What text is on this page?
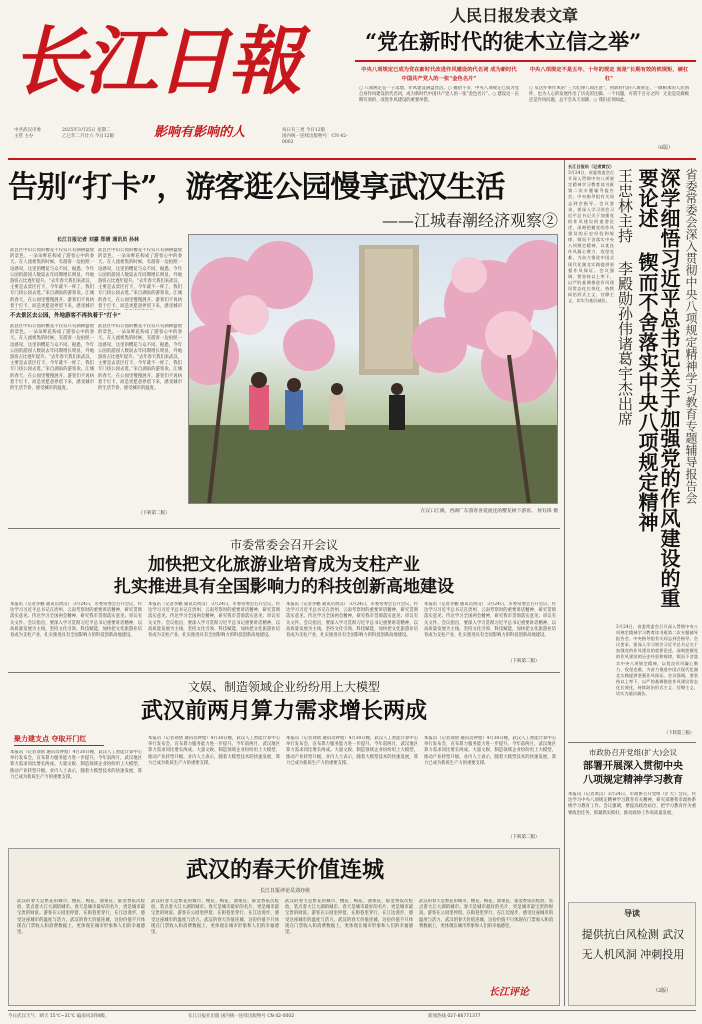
长江日報
中共武汉市委
主管 主办
2025年3月25日 星期二
乙巳年二月廿六 今日12版	影响有影响的人	每日有三更 今日12版
国内统一连续出版物号：CN 42-0002
人民日报发表文章
“党在新时代的徒木立信之举”
中央八项规定已成为党在新时代改进作风建设的代名词 成为新时代中国共产党人的一张“金色名片”
中央八项规定不是五年、十年的规定 而是“长期有效的铁规矩、硬杠杠”
○ 八项规定是一子落地、作风建设满盘皆活。○ 抽肋不多、中央八项规定已成为党自身作风建设的代名词，成为新时代中国共产党人的一张“金色名片”。○ 建设这一长期有效的、改进作风建设的重要举措。
○ 从这件事作风的“三大纪律八项注意”，到新时代的八项规定，一脉相承的人民情怀，也为人心的发展作出了历史的注脚。一个问题，可谓千百分之四：无论是反腐败还是作风问题，总不会从天而降。○ 我们必须如此。
（6版）
告别“打卡”，游客逛公园慢享武汉生活
——江城春潮经济观察②
长江日报记者 刘嘉 郑倩 通讯员 孙林
不去景区去公园，外地游客不再执着于“打卡”
武昌区中山公园的樱花不仅仅只有满树盛放的景色，一朵朵鲜花构成了游客心中的春天。在人流密集的时候，有游客一边拍照一边感叹，这里的樱花与众不同。据悉，今年公园的游园人数较去年同期增长明显，外地游客占比逐年提升。“去年春天我们来武汉，主要是去景区打卡，今年就不一样了，我们专门找公园去逛。”来自湖南的游客说。江城的春天，在公园里慢慢展开。游客们不再执着于打卡，而是更愿意停留下来，感受城市
武昌区中山公园的樱花不仅仅只有满树盛放的景色，一朵朵鲜花构成了游客心中的春天。在人流密集的时候，有游客一边拍照一边感叹，这里的樱花与众不同。据悉，今年公园的游园人数较去年同期增长明显，外地游客占比逐年提升。“去年春天我们来武汉，主要是去景区打卡，今年就不一样了，我们专门找公园去逛。”来自湖南的游客说。江城的春天，在公园里慢慢展开。游客们不再执着于打卡，而是更愿意停留下来，感受城市
武昌区中山公园的樱花不仅仅只有满树盛放的景色，一朵朵鲜花构成了游客心中的春天。在人流密集的时候，有游客一边拍照一边感叹，这里的樱花与众不同。据悉，今年公园的游园人数较去年同期增长明显，外地游客占比逐年提升。“去年春天我们来武汉，主要是去景区打卡，今年就不一样了，我们专门找公园去逛。”来自湖南的游客说。江城的春天，在公园里慢慢展开。游客们不再执着于打卡，而是更愿意停留下来，感受城市的生活节奏，感受城市的温度。
武昌区中山公园的樱花不仅仅只有满树盛放的景色，一朵朵鲜花构成了游客心中的春天。在人流密集的时候，有游客一边拍照一边感叹，这里的樱花与众不同。据悉，今年公园的游园人数较去年同期增长明显，外地游客占比逐年提升。“去年春天我们来武汉，主要是去景区打卡，今年就不一样了，我们专门找公园去逛。”来自湖南的游客说。江城的春天，在公园里慢慢展开。游客们不再执着于打卡，而是更愿意停留下来，感受城市的生活节奏，感受城市的温度。
（下转第二版）	在汉口江滩，西湖广东游客喜爱流连的樱花树下游客。 侯钰锋 摄
市委常委会召开会议
加快把文化旅游业培育成为支柱产业
扎实推进具有全国影响力的科技创新高地建设
本报讯（记者李鹏 通讯员黄汉） 3月24日，市委常委会召开会议，传达学习习近平总书记在贵州、云南考察时的重要讲话精神，研究贯彻落实意见；传达学习全国两会精神，研究我市贯彻落实意见；审议有关文件。会议指出，要深入学习贯彻习近平总书记重要讲话精神，以高质量发展为主线，坚持文化引领、科技赋能，加快把文化旅游业培育成为支柱产业，扎实推进具有全国影响力的科技创新高地建设。
本报讯（记者李鹏 通讯员黄汉） 3月24日，市委常委会召开会议，传达学习习近平总书记在贵州、云南考察时的重要讲话精神，研究贯彻落实意见；传达学习全国两会精神，研究我市贯彻落实意见；审议有关文件。会议指出，要深入学习贯彻习近平总书记重要讲话精神，以高质量发展为主线，坚持文化引领、科技赋能，加快把文化旅游业培育成为支柱产业，扎实推进具有全国影响力的科技创新高地建设。
本报讯（记者李鹏 通讯员黄汉） 3月24日，市委常委会召开会议，传达学习习近平总书记在贵州、云南考察时的重要讲话精神，研究贯彻落实意见；传达学习全国两会精神，研究我市贯彻落实意见；审议有关文件。会议指出，要深入学习贯彻习近平总书记重要讲话精神，以高质量发展为主线，坚持文化引领、科技赋能，加快把文化旅游业培育成为支柱产业，扎实推进具有全国影响力的科技创新高地建设。
本报讯（记者李鹏 通讯员黄汉） 3月24日，市委常委会召开会议，传达学习习近平总书记在贵州、云南考察时的重要讲话精神，研究贯彻落实意见；传达学习全国两会精神，研究我市贯彻落实意见；审议有关文件。会议指出，要深入学习贯彻习近平总书记重要讲话精神，以高质量发展为主线，坚持文化引领、科技赋能，加快把文化旅游业培育成为支柱产业，扎实推进具有全国影响力的科技创新高地建设。
（下转第二版）
文娱、制造领域企业纷纷用上大模型
武汉前两月算力需求增长两成
聚力建支点 夺取开门红
本报讯（记者刘倩 通讯员钟旭）4月30日晚，武汉人工智能计算中心举行发布会，宣布算力服务能力进一步提升。今年前两月，武汉地区算力需求同比增长两成。大量文娱、制造领域企业纷纷用上大模型，推动产业转型升级。业内人士表示，随着大模型技术的快速发展，算力已成为新质生产力的重要支撑。
本报讯（记者刘倩 通讯员钟旭）4月30日晚，武汉人工智能计算中心举行发布会，宣布算力服务能力进一步提升。今年前两月，武汉地区算力需求同比增长两成。大量文娱、制造领域企业纷纷用上大模型，推动产业转型升级。业内人士表示，随着大模型技术的快速发展，算力已成为新质生产力的重要支撑。
本报讯（记者刘倩 通讯员钟旭）4月30日晚，武汉人工智能计算中心举行发布会，宣布算力服务能力进一步提升。今年前两月，武汉地区算力需求同比增长两成。大量文娱、制造领域企业纷纷用上大模型，推动产业转型升级。业内人士表示，随着大模型技术的快速发展，算力已成为新质生产力的重要支撑。
本报讯（记者刘倩 通讯员钟旭）4月30日晚，武汉人工智能计算中心举行发布会，宣布算力服务能力进一步提升。今年前两月，武汉地区算力需求同比增长两成。大量文娱、制造领域企业纷纷用上大模型，推动产业转型升级。业内人士表示，随着大模型技术的快速发展，算力已成为新质生产力的重要支撑。
（下转第二版）
武汉的春天价值连城
长江日报评论员刘亦侠
武汉的春天是繁花的城市，樱花、梅花、油菜花、郁金香依次绽放，装点着大江大湖的城市。春天是城市最好的名片，更是城市最宝贵的财富。游客在公园里停留，在街巷里穿行，在江边漫步，感受这座城市的温度与活力。武汉的春天价值连城，这份价值不只体现在门票收入和消费数据上，更体现在城市形象和人们的幸福感里。
武汉的春天是繁花的城市，樱花、梅花、油菜花、郁金香依次绽放，装点着大江大湖的城市。春天是城市最好的名片，更是城市最宝贵的财富。游客在公园里停留，在街巷里穿行，在江边漫步，感受这座城市的温度与活力。武汉的春天价值连城，这份价值不只体现在门票收入和消费数据上，更体现在城市形象和人们的幸福感里。
武汉的春天是繁花的城市，樱花、梅花、油菜花、郁金香依次绽放，装点着大江大湖的城市。春天是城市最好的名片，更是城市最宝贵的财富。游客在公园里停留，在街巷里穿行，在江边漫步，感受这座城市的温度与活力。武汉的春天价值连城，这份价值不只体现在门票收入和消费数据上，更体现在城市形象和人们的幸福感里。
武汉的春天是繁花的城市，樱花、梅花、油菜花、郁金香依次绽放，装点着大江大湖的城市。春天是城市最好的名片，更是城市最宝贵的财富。游客在公园里停留，在街巷里穿行，在江边漫步，感受这座城市的温度与活力。武汉的春天价值连城，这份价值不只体现在门票收入和消费数据上，更体现在城市形象和人们的幸福感里。
长江评论
长江日报讯（记者黄汉）3月24日，省委常委会召开深入贯彻中央八项规定精神学习教育读书班第二次专题辅导报告会。中央指导组有关同志到会指导。会议要求，要深入学习领会习近平总书记关于加强党的作风建设的重要论述，深刻把握党的作风建设的历史经验和规律，锲而不舍落实中央八项规定精神，以优良作风凝心聚力、攻坚克难，为奋力推进中国式现代化湖北实践提供坚强作风保证。会议强调，要坚持以上率下、以严的基调推进作风建设常态化长效化，持续纠治形式主义、官僚主义，切实为基层减负。 王忠林主持 李殿勋孙伟诸葛宇杰出席	深学细悟习近平总书记关于加强党的作风建设的重要论述 锲而不舍落实中央八项规定精神	省委常委会深入贯彻中央八项规定精神学习教育专题辅导报告会
3月24日，省委常委会召开深入贯彻中央八项规定精神学习教育读书班第二次专题辅导报告会。中央指导组有关同志到会指导。会议要求，要深入学习领会习近平总书记关于加强党的作风建设的重要论述，深刻把握党的作风建设的历史经验和规律，锲而不舍落实中央八项规定精神，以优良作风凝心聚力、攻坚克难，为奋力推进中国式现代化湖北实践提供坚强作风保证。会议强调，要坚持以上率下、以严的基调推进作风建设常态化长效化，持续纠治形式主义、官僚主义，切实为基层减负。
（下转第三版）
市政协召开党组(扩大)会议
部署开展深入贯彻中央
八项规定精神学习教育
本报讯（记者黄汉）3月24日，市政协召开党组（扩大）会议，传达学习中央八项规定精神学习教育有关精神，研究部署我市政协系统学习教育工作。会议强调，要提高政治站位，把学习教育作为重要政治任务，抓紧抓实抓好，推动政协工作高质量发展。
导读
提供抗白风检测 武汉无人机风洞 冲刺投用
（2版）
今日武汉天气：晴天 15℃~31℃ 偏南风3到4级。	长江日报社出版 国内统一连续出版物号 CN 42-0002	新闻热线 027-86771377
